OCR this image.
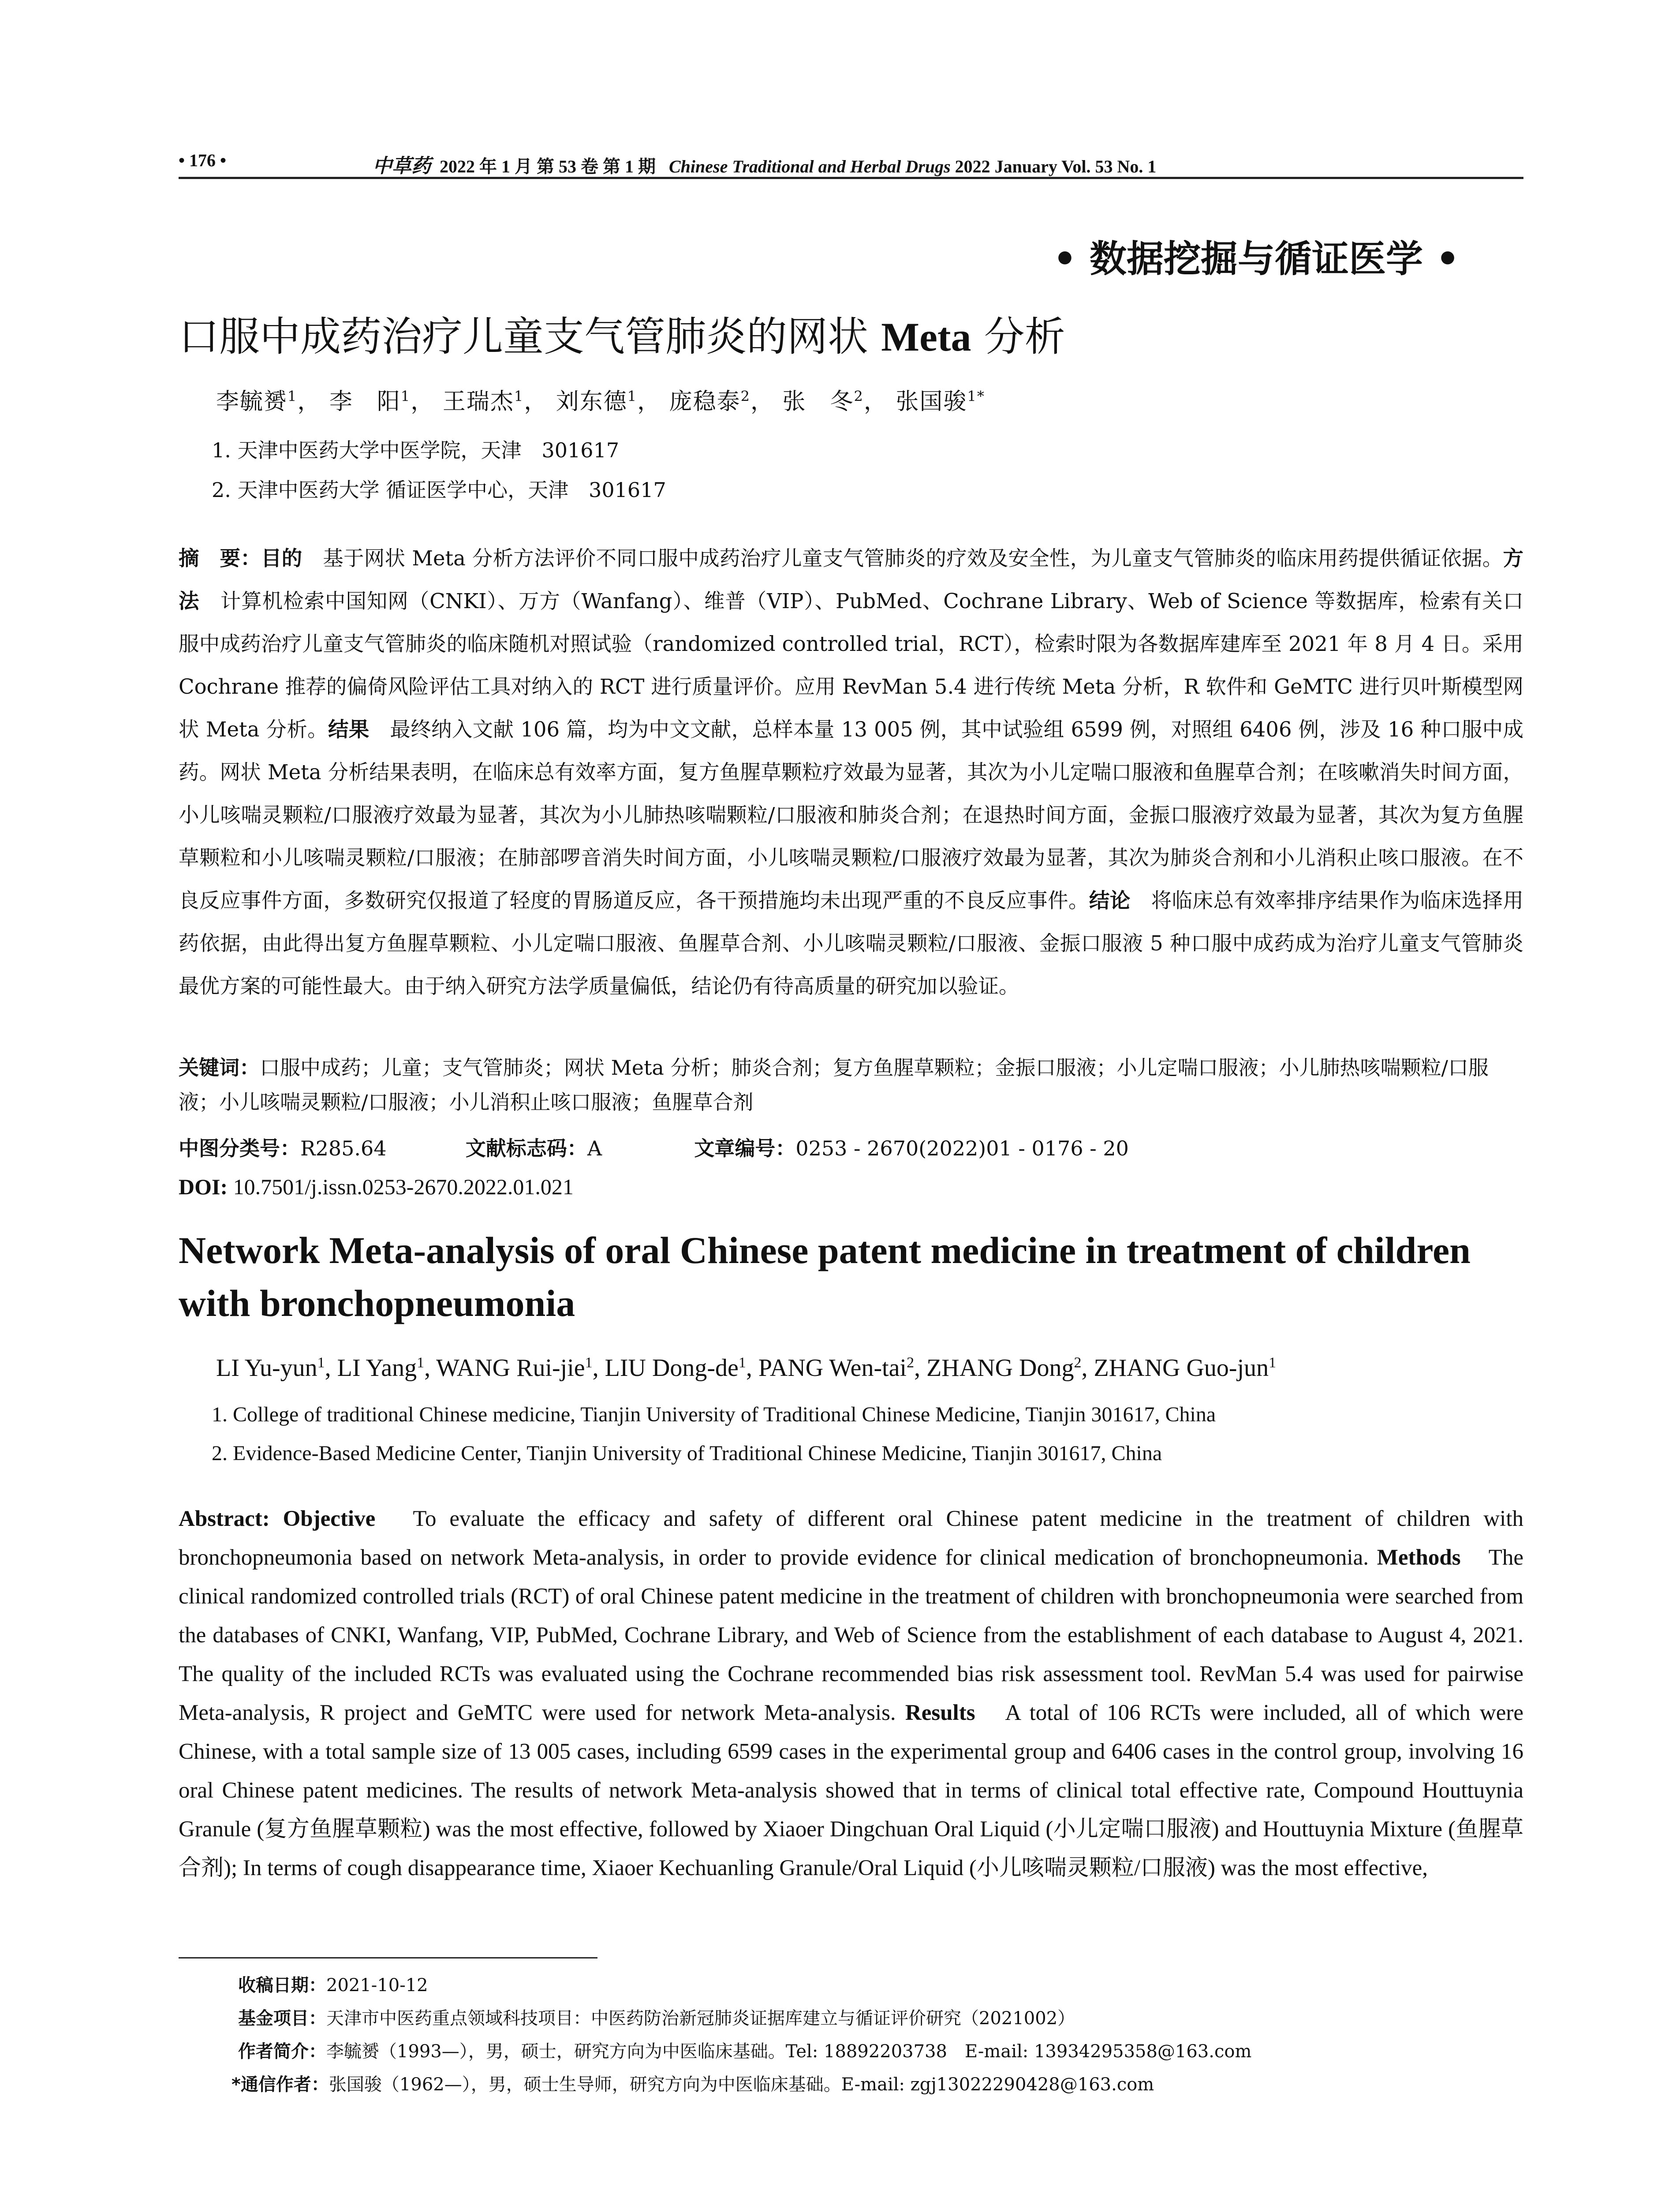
• 176 •	中草药 2022 年 1 月 第 53 卷 第 1 期 Chinese Traditional and Herbal Drugs 2022 January Vol. 53 No. 1
• 数据挖掘与循证医学 •
口服中成药治疗儿童支气管肺炎的网状 Meta 分析
李毓赟$^1$， 李　阳$^1$， 王瑞杰$^1$， 刘东德$^1$， 庞稳泰$^2$， 张　冬$^2$， 张国骏$^{1*}$
1. 天津中医药大学中医学院，天津　301617
2. 天津中医药大学 循证医学中心，天津　301617
摘　要：目的　基于网状 Meta 分析方法评价不同口服中成药治疗儿童支气管肺炎的疗效及安全性，为儿童支气管肺炎的临床用药提供循证依据。方法　计算机检索中国知网（CNKI）、万方（Wanfang）、维普（VIP）、PubMed、Cochrane Library、Web of Science 等数据库，检索有关口服中成药治疗儿童支气管肺炎的临床随机对照试验（randomized controlled trial，RCT），检索时限为各数据库建库至 2021 年 8 月 4 日。采用 Cochrane 推荐的偏倚风险评估工具对纳入的 RCT 进行质量评价。应用 RevMan 5.4 进行传统 Meta 分析，R 软件和 GeMTC 进行贝叶斯模型网状 Meta 分析。结果　最终纳入文献 106 篇，均为中文文献，总样本量 13 005 例，其中试验组 6599 例，对照组 6406 例，涉及 16 种口服中成药。网状 Meta 分析结果表明，在临床总有效率方面，复方鱼腥草颗粒疗效最为显著，其次为小儿定喘口服液和鱼腥草合剂；在咳嗽消失时间方面，小儿咳喘灵颗粒/口服液疗效最为显著，其次为小儿肺热咳喘颗粒/口服液和肺炎合剂；在退热时间方面，金振口服液疗效最为显著，其次为复方鱼腥草颗粒和小儿咳喘灵颗粒/口服液；在肺部啰音消失时间方面，小儿咳喘灵颗粒/口服液疗效最为显著，其次为肺炎合剂和小儿消积止咳口服液。在不良反应事件方面，多数研究仅报道了轻度的胃肠道反应，各干预措施均未出现严重的不良反应事件。结论　将临床总有效率排序结果作为临床选择用药依据，由此得出复方鱼腥草颗粒、小儿定喘口服液、鱼腥草合剂、小儿咳喘灵颗粒/口服液、金振口服液 5 种口服中成药成为治疗儿童支气管肺炎最优方案的可能性最大。由于纳入研究方法学质量偏低，结论仍有待高质量的研究加以验证。
关键词：口服中成药；儿童；支气管肺炎；网状 Meta 分析；肺炎合剂；复方鱼腥草颗粒；金振口服液；小儿定喘口服液；小儿肺热咳喘颗粒/口服液；小儿咳喘灵颗粒/口服液；小儿消积止咳口服液；鱼腥草合剂
中图分类号：R285.64	文献标志码：A	文章编号：0253 - 2670(2022)01 - 0176 - 20
DOI: 10.7501/j.issn.0253-2670.2022.01.021
Network Meta-analysis of oral Chinese patent medicine in treatment of children with bronchopneumonia
LI Yu-yun$^1$, LI Yang$^1$, WANG Rui-jie$^1$, LIU Dong-$de^1$, PANG Wen-tai$^2$, ZHANG Dong$^2$, ZHANG Guo-jun$^1$
1. College of traditional Chinese medicine, Tianjin University of Traditional Chinese Medicine, Tianjin 301617, China
2. Evidence-Based Medicine Center, Tianjin University of Traditional Chinese Medicine, Tianjin 301617, China
Abstract: Objective　To evaluate the efficacy and safety of different oral Chinese patent medicine in the treatment of children with bronchopneumonia based on network Meta-analysis, in order to provide evidence for clinical medication of bronchopneumonia. Methods　The clinical randomized controlled trials (RCT) of oral Chinese patent medicine in the treatment of children with bronchopneumonia were searched from the databases of CNKI, Wanfang, VIP, PubMed, Cochrane Library, and Web of Science from the establishment of each database to August 4, 2021. The quality of the included RCTs was evaluated using the Cochrane recommended bias risk assessment tool. RevMan 5.4 was used for pairwise Meta-analysis, R project and GeMTC were used for network Meta-analysis. Results　A total of 106 RCTs were included, all of which were Chinese, with a total sample size of 13 005 cases, including 6599 cases in the experimental group and 6406 cases in the control group, involving 16 oral Chinese patent medicines. The results of network Meta-analysis showed that in terms of clinical total effective rate, Compound Houttuynia Granule (复方鱼腥草颗粒) was the most effective, followed by Xiaoer Dingchuan Oral Liquid (小儿定喘口服液) and Houttuynia Mixture (鱼腥草合剂); In terms of cough disappearance time, Xiaoer Kechuanling Granule/Oral Liquid (小儿咳喘灵颗粒/口服液) was the most effective,
收稿日期：2021-10-12
基金项目：天津市中医药重点领域科技项目：中医药防治新冠肺炎证据库建立与循证评价研究（2021002）
作者简介：李毓赟（1993—），男，硕士，研究方向为中医临床基础。Tel: 18892203738　E-mail: 13934295358@163.com
*通信作者：张国骏（1962—），男，硕士生导师，研究方向为中医临床基础。E-mail: zgj13022290428@163.com
